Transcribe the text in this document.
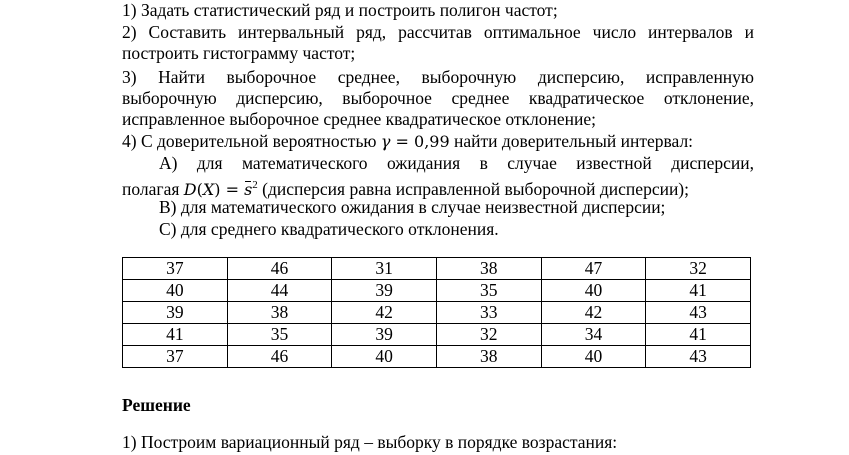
1) Задать статистический ряд и построить полигон частот;
2) Составить интервальный ряд, рассчитав оптимальное число интервалов и
построить гистограмму частот;
3) Найти выборочное среднее, выборочную дисперсию, исправленную
выборочную дисперсию, выборочное среднее квадратическое отклонение,
исправленное выборочное среднее квадратическое отклонение;
4) С доверительной вероятностью γ = 0,99 найти доверительный интервал:
А) для математического ожидания в случае известной дисперсии,
полагая $D(X) = s^2$ (дисперсия равна исправленной выборочной дисперсии);
В) для математического ожидания в случае неизвестной дисперсии;
С) для среднего квадратического отклонения.
37	46	31	38	47	32
40	44	39	35	40	41
39	38	42	33	42	43
41	35	39	32	34	41
37	46	40	38	40	43
Решение
1) Построим вариационный ряд – выборку в порядке возрастания:
